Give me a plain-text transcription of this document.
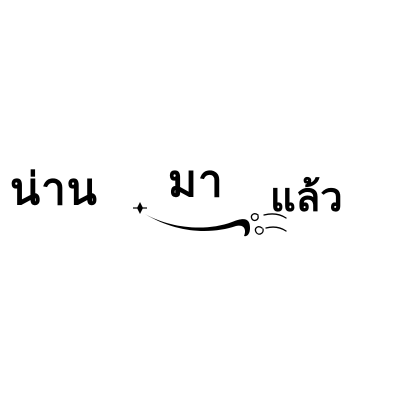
น่าน มา แล้ว
